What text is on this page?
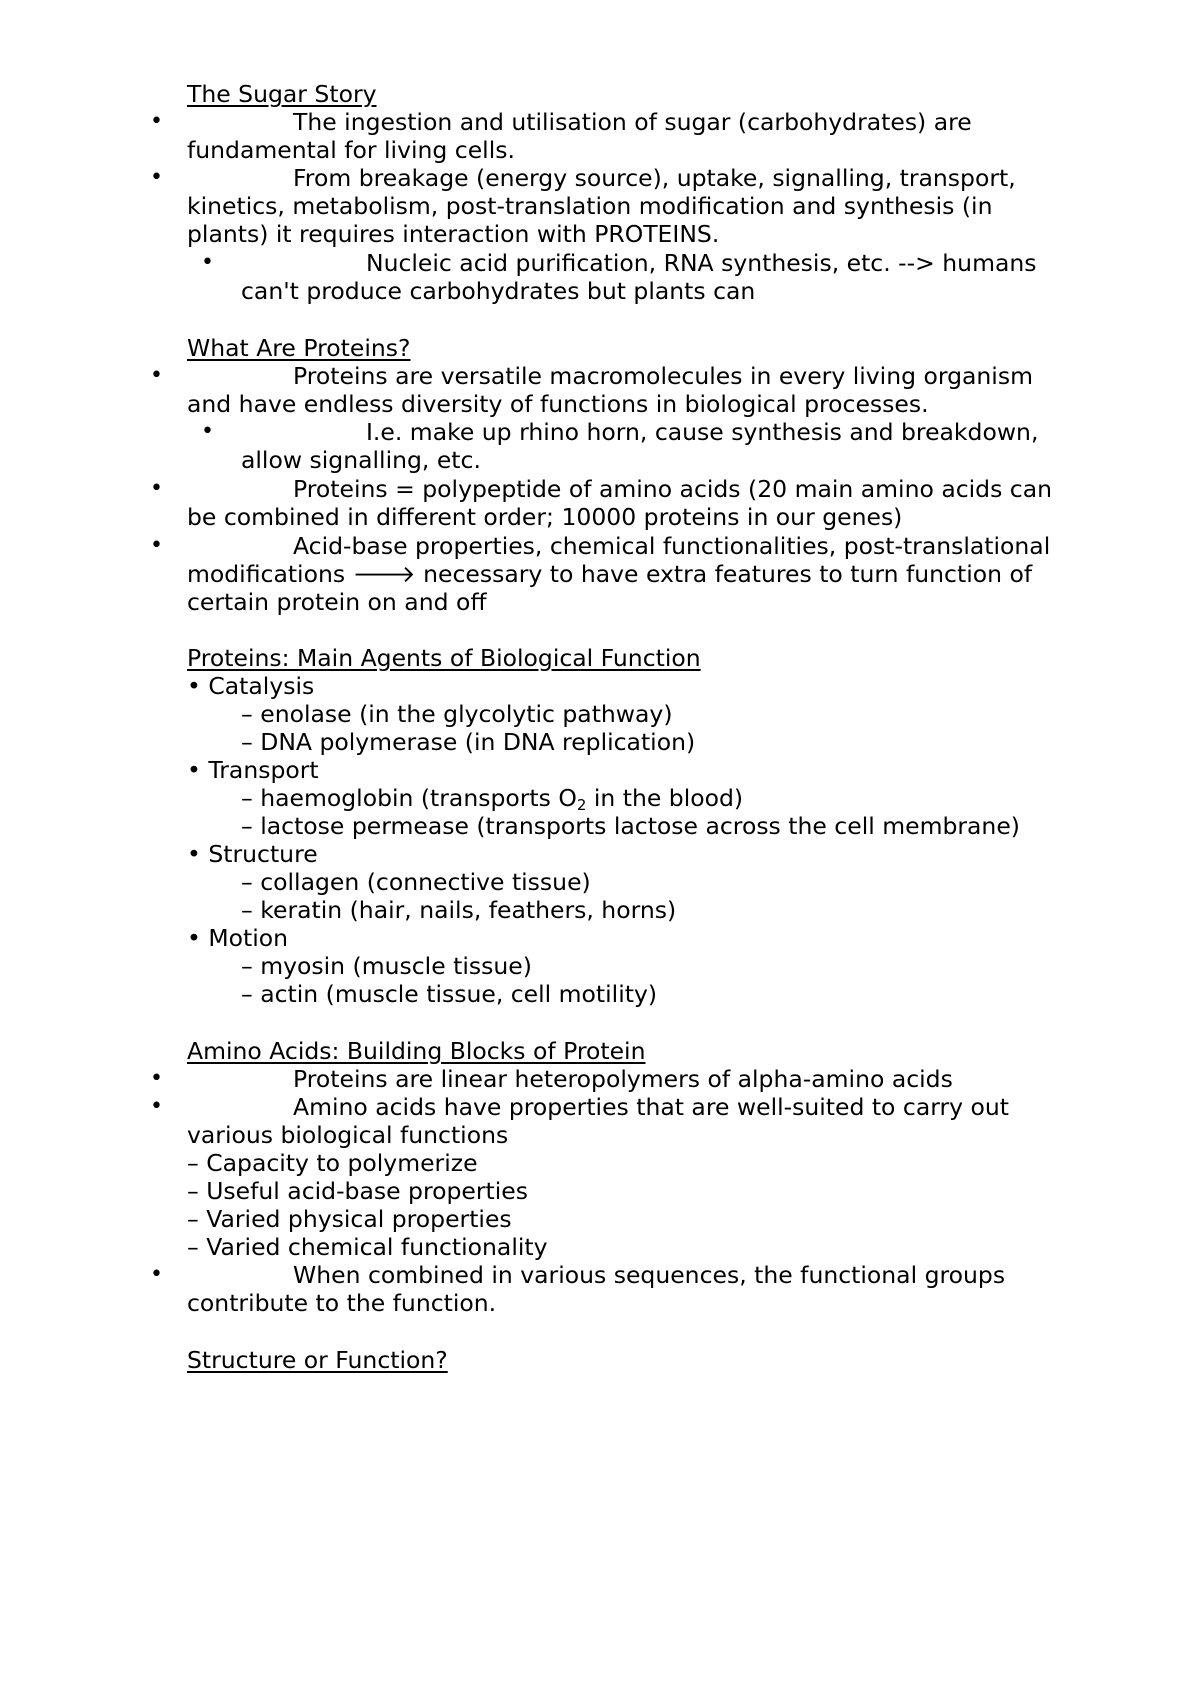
The Sugar Story
•	The ingestion and utilisation of sugar (carbohydrates) are
fundamental for living cells.
•	From breakage (energy source), uptake, signalling, transport,
kinetics, metabolism, post-translation modification and synthesis (in
plants) it requires interaction with PROTEINS.
•	Nucleic acid purification, RNA synthesis, etc. --> humans
can't produce carbohydrates but plants can
What Are Proteins?
•	Proteins are versatile macromolecules in every living organism
and have endless diversity of functions in biological processes.
•	I.e. make up rhino horn, cause synthesis and breakdown,
allow signalling, etc.
•	Proteins = polypeptide of amino acids (20 main amino acids can
be combined in different order; 10000 proteins in our genes)
•	Acid-base properties, chemical functionalities, post-translational
modifications 🡒 necessary to have extra features to turn function of
certain protein on and off
Proteins: Main Agents of Biological Function
• Catalysis
– enolase (in the glycolytic pathway)
– DNA polymerase (in DNA replication)
• Transport
– haemoglobin (transports O2 in the blood)
– lactose permease (transports lactose across the cell membrane)
• Structure
– collagen (connective tissue)
– keratin (hair, nails, feathers, horns)
• Motion
– myosin (muscle tissue)
– actin (muscle tissue, cell motility)
Amino Acids: Building Blocks of Protein
•	Proteins are linear heteropolymers of alpha-amino acids
•	Amino acids have properties that are well-suited to carry out
various biological functions
– Capacity to polymerize
– Useful acid-base properties
– Varied physical properties
– Varied chemical functionality
•	When combined in various sequences, the functional groups
contribute to the function.
Structure or Function?
